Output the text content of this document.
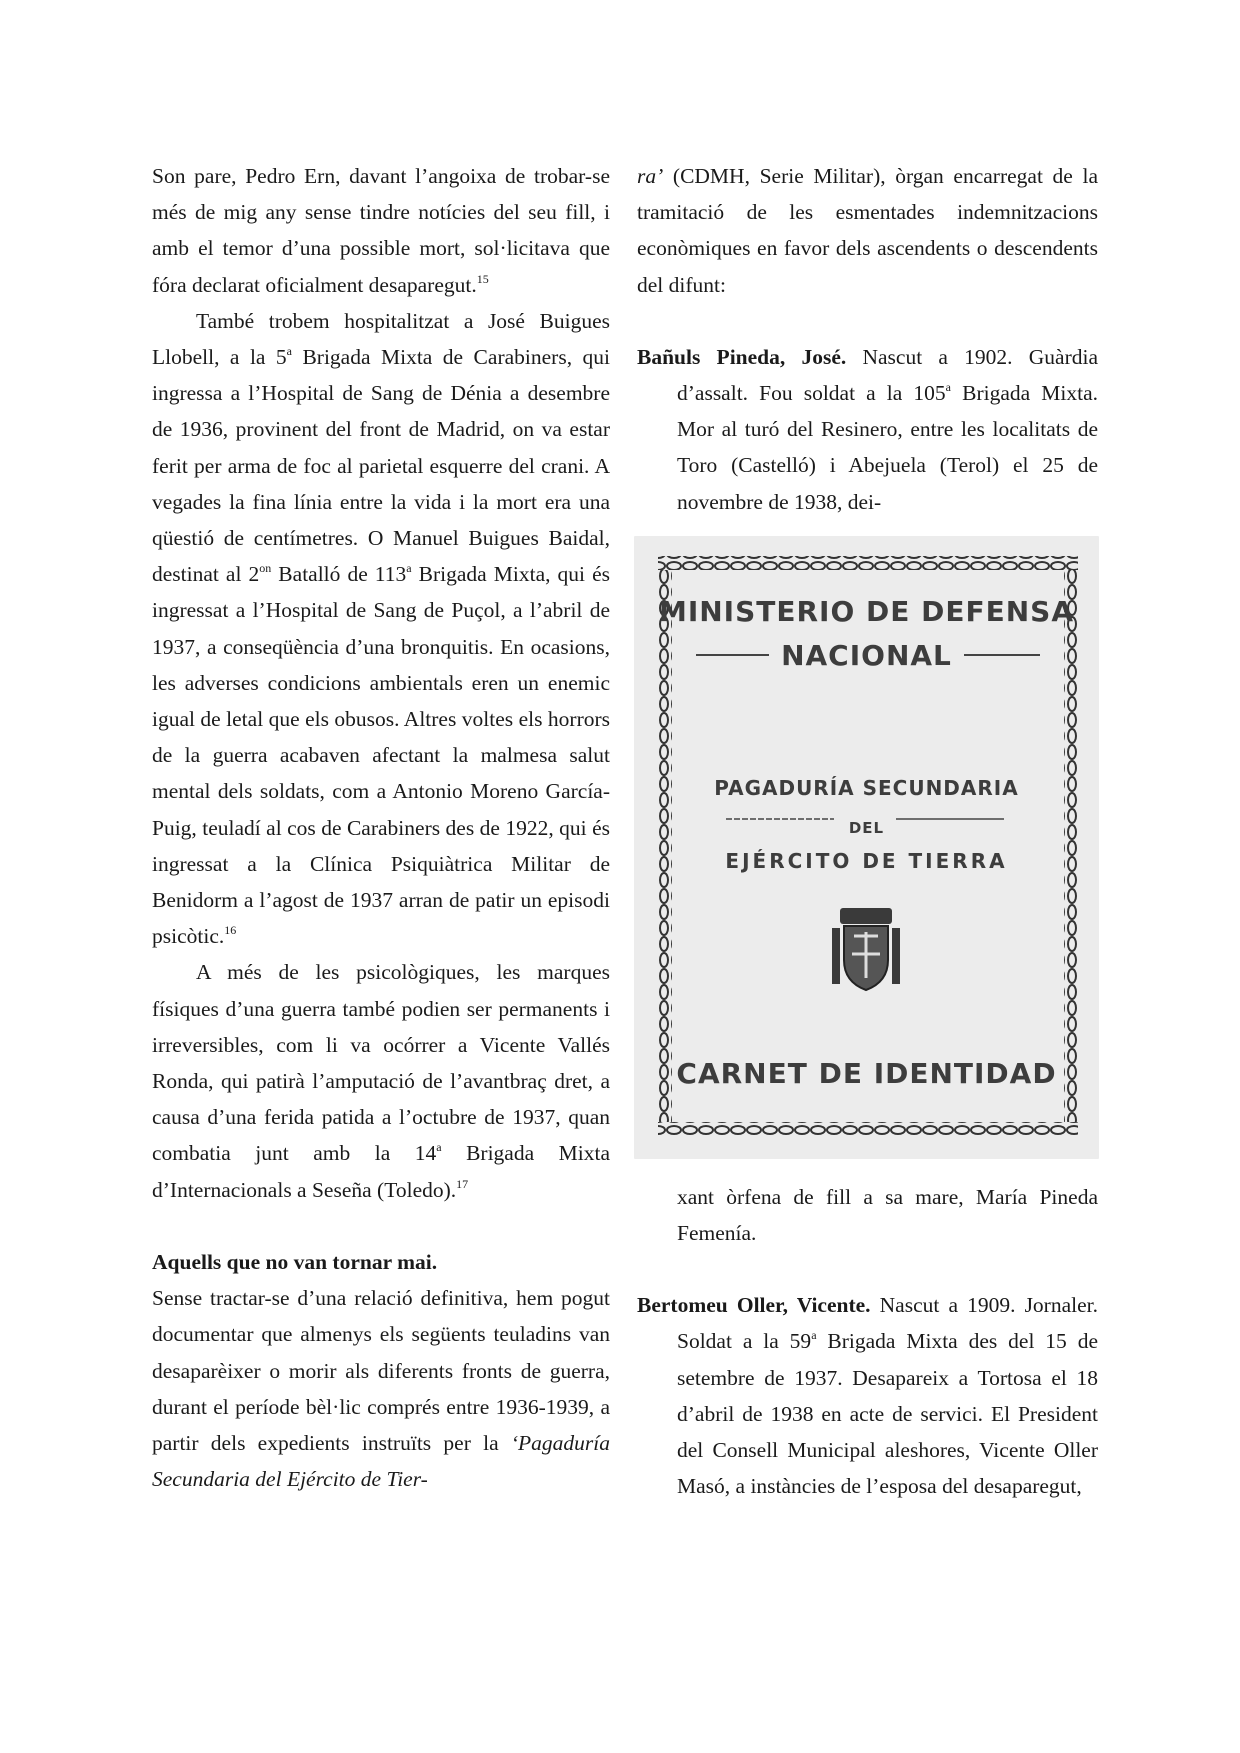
Son pare, Pedro Ern, davant l’angoixa de trobar-se més de mig any sense tindre notícies del seu fill, i amb el temor d’una possible mort, sol·licitava que fóra declarat oficialment desaparegut.$^{15}$

També trobem hospitalitzat a José Buigues Llobell, a la 5$^a$ Brigada Mixta de Carabiners, qui ingressa a l’Hospital de Sang de Dénia a desembre de 1936, provinent del front de Madrid, on va estar ferit per arma de foc al parietal esquerre del crani. A vegades la fina línia entre la vida i la mort era una qüestió de centímetres. O Manuel Buigues Baidal, destinat al $2^{on}$ Batalló de 113$^a$ Brigada Mixta, qui és ingressat a l’Hospital de Sang de Puçol, a l’abril de 1937, a conseqüència d’una bronquitis. En ocasions, les adverses condicions ambientals eren un enemic igual de letal que els obusos. Altres voltes els horrors de la guerra acabaven afectant la malmesa salut mental dels soldats, com a Antonio Moreno García-Puig, teuladí al cos de Carabiners des de 1922, qui és ingressat a la Clínica Psiquiàtrica Militar de Benidorm a l’agost de 1937 arran de patir un episodi psicòtic.$^{16}$

A més de les psicològiques, les marques físiques d’una guerra també podien ser permanents i irreversibles, com li va ocórrer a Vicente Vallés Ronda, qui patirà l’amputació de l’avantbraç dret, a causa d’una ferida patida a l’octubre de 1937, quan combatia junt amb la 14$^a$ Brigada Mixta d’Internacionals a Seseña (Toledo).$^{17}$

Aquells que no van tornar mai.

Sense tractar-se d’una relació definitiva, hem pogut documentar que almenys els següents teuladins van desaparèixer o morir als diferents fronts de guerra, durant el període bèl·lic comprés entre 1936-1939, a partir dels expedients instruïts per la ‘Pagaduría Secundaria del Ejército de Tier-

ra’ (CDMH, Serie Militar), òrgan encarregat de la tramitació de les esmentades indemnitzacions econòmiques en favor dels ascendents o descendents del difunt:

Bañuls Pineda, José. Nascut a 1902. Guàrdia d’assalt. Fou soldat a la 105$^a$ Brigada Mixta. Mor al turó del Resinero, entre les localitats de Toro (Castelló) i Abejuela (Terol) el 25 de novembre de 1938, dei-

MINISTERIO DE DEFENSA
NACIONAL
PAGADURÍA SECUNDARIA
DEL
EJÉRCITO DE TIERRA
CARNET DE IDENTIDAD

xant òrfena de fill a sa mare, María Pineda Femenía.

Bertomeu Oller, Vicente. Nascut a 1909. Jornaler. Soldat a la 59$^a$ Brigada Mixta des del 15 de setembre de 1937. Desapareix a Tortosa el 18 d’abril de 1938 en acte de servici. El President del Consell Municipal aleshores, Vicente Oller Masó, a instàncies de l’esposa del desaparegut,
